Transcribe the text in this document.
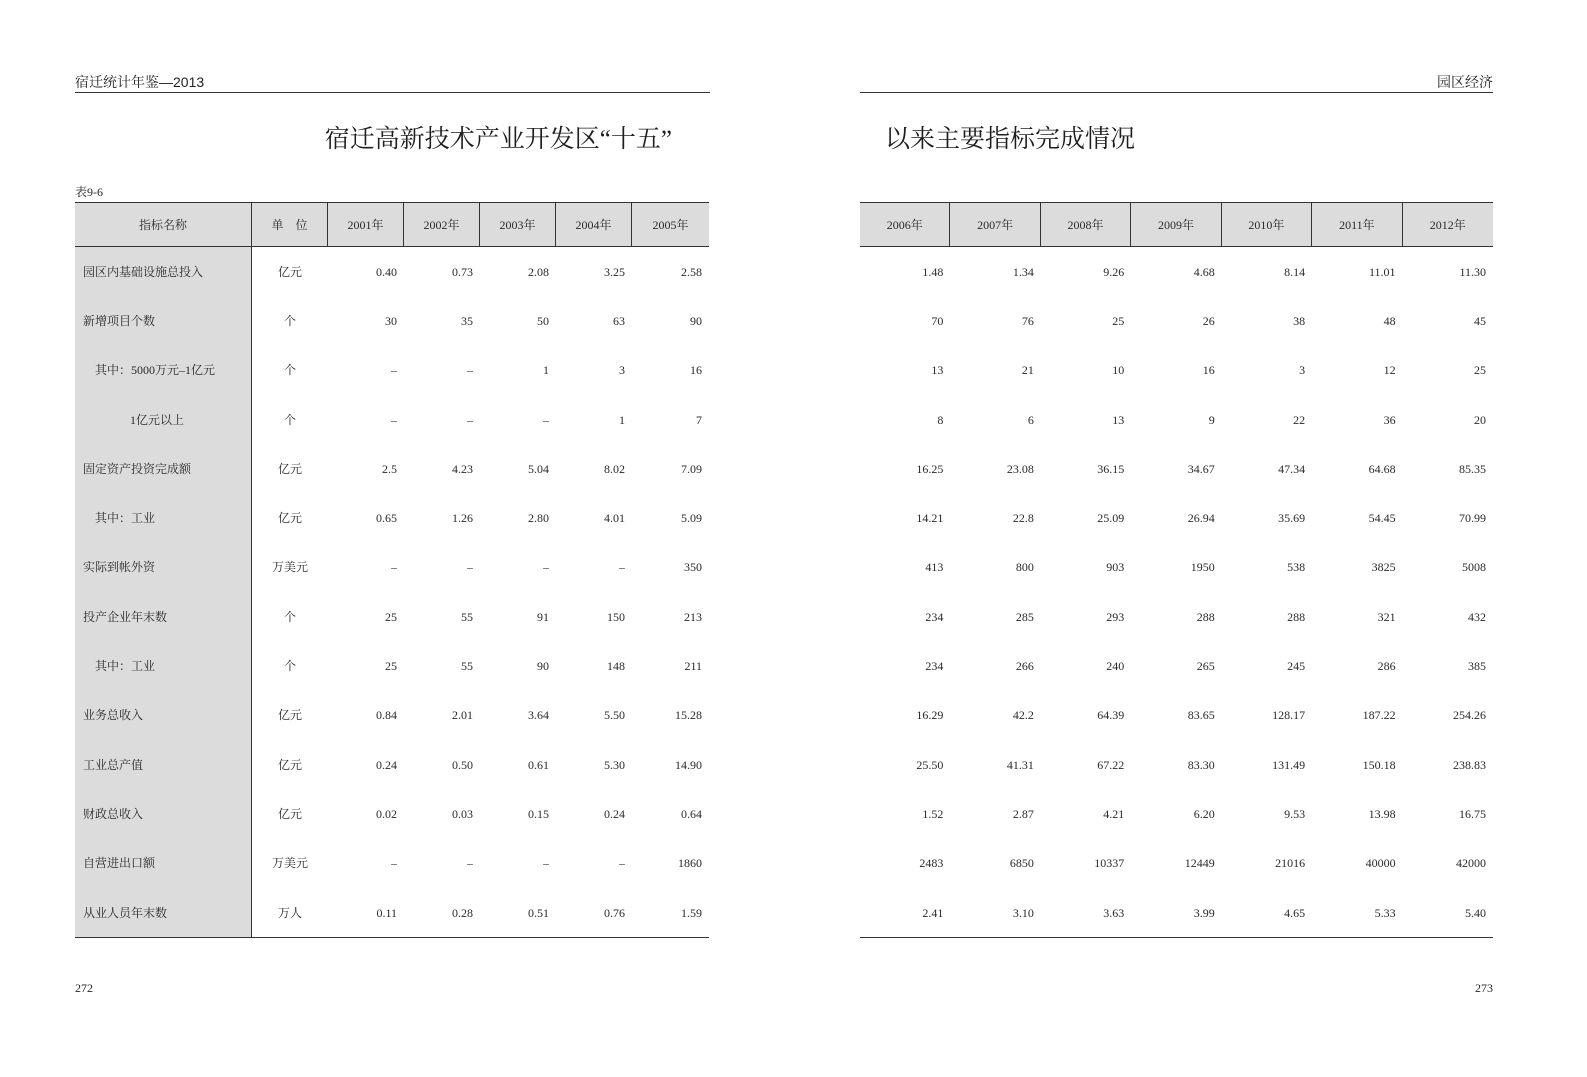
宿迁统计年鉴—2013
宿迁高新技术产业开发区“十五”
表9-6
指标名称	单　位	2001年	2002年	2003年	2004年	2005年
园区内基础设施总投入	亿元	0.40	0.73	2.08	3.25	2.58
新增项目个数	个	30	35	50	63	90
其中：5000万元–1亿元	个	–	–	1	3	16
1亿元以上	个	–	–	–	1	7
固定资产投资完成额	亿元	2.5	4.23	5.04	8.02	7.09
其中：工业	亿元	0.65	1.26	2.80	4.01	5.09
实际到帐外资	万美元	–	–	–	–	350
投产企业年末数	个	25	55	91	150	213
其中：工业	个	25	55	90	148	211
业务总收入	亿元	0.84	2.01	3.64	5.50	15.28
工业总产值	亿元	0.24	0.50	0.61	5.30	14.90
财政总收入	亿元	0.02	0.03	0.15	0.24	0.64
自营进出口额	万美元	–	–	–	–	1860
从业人员年末数	万人	0.11	0.28	0.51	0.76	1.59
272
园区经济
以来主要指标完成情况
2006年	2007年	2008年	2009年	2010年	2011年	2012年
1.48	1.34	9.26	4.68	8.14	11.01	11.30
70	76	25	26	38	48	45
13	21	10	16	3	12	25
8	6	13	9	22	36	20
16.25	23.08	36.15	34.67	47.34	64.68	85.35
14.21	22.8	25.09	26.94	35.69	54.45	70.99
413	800	903	1950	538	3825	5008
234	285	293	288	288	321	432
234	266	240	265	245	286	385
16.29	42.2	64.39	83.65	128.17	187.22	254.26
25.50	41.31	67.22	83.30	131.49	150.18	238.83
1.52	2.87	4.21	6.20	9.53	13.98	16.75
2483	6850	10337	12449	21016	40000	42000
2.41	3.10	3.63	3.99	4.65	5.33	5.40
273
